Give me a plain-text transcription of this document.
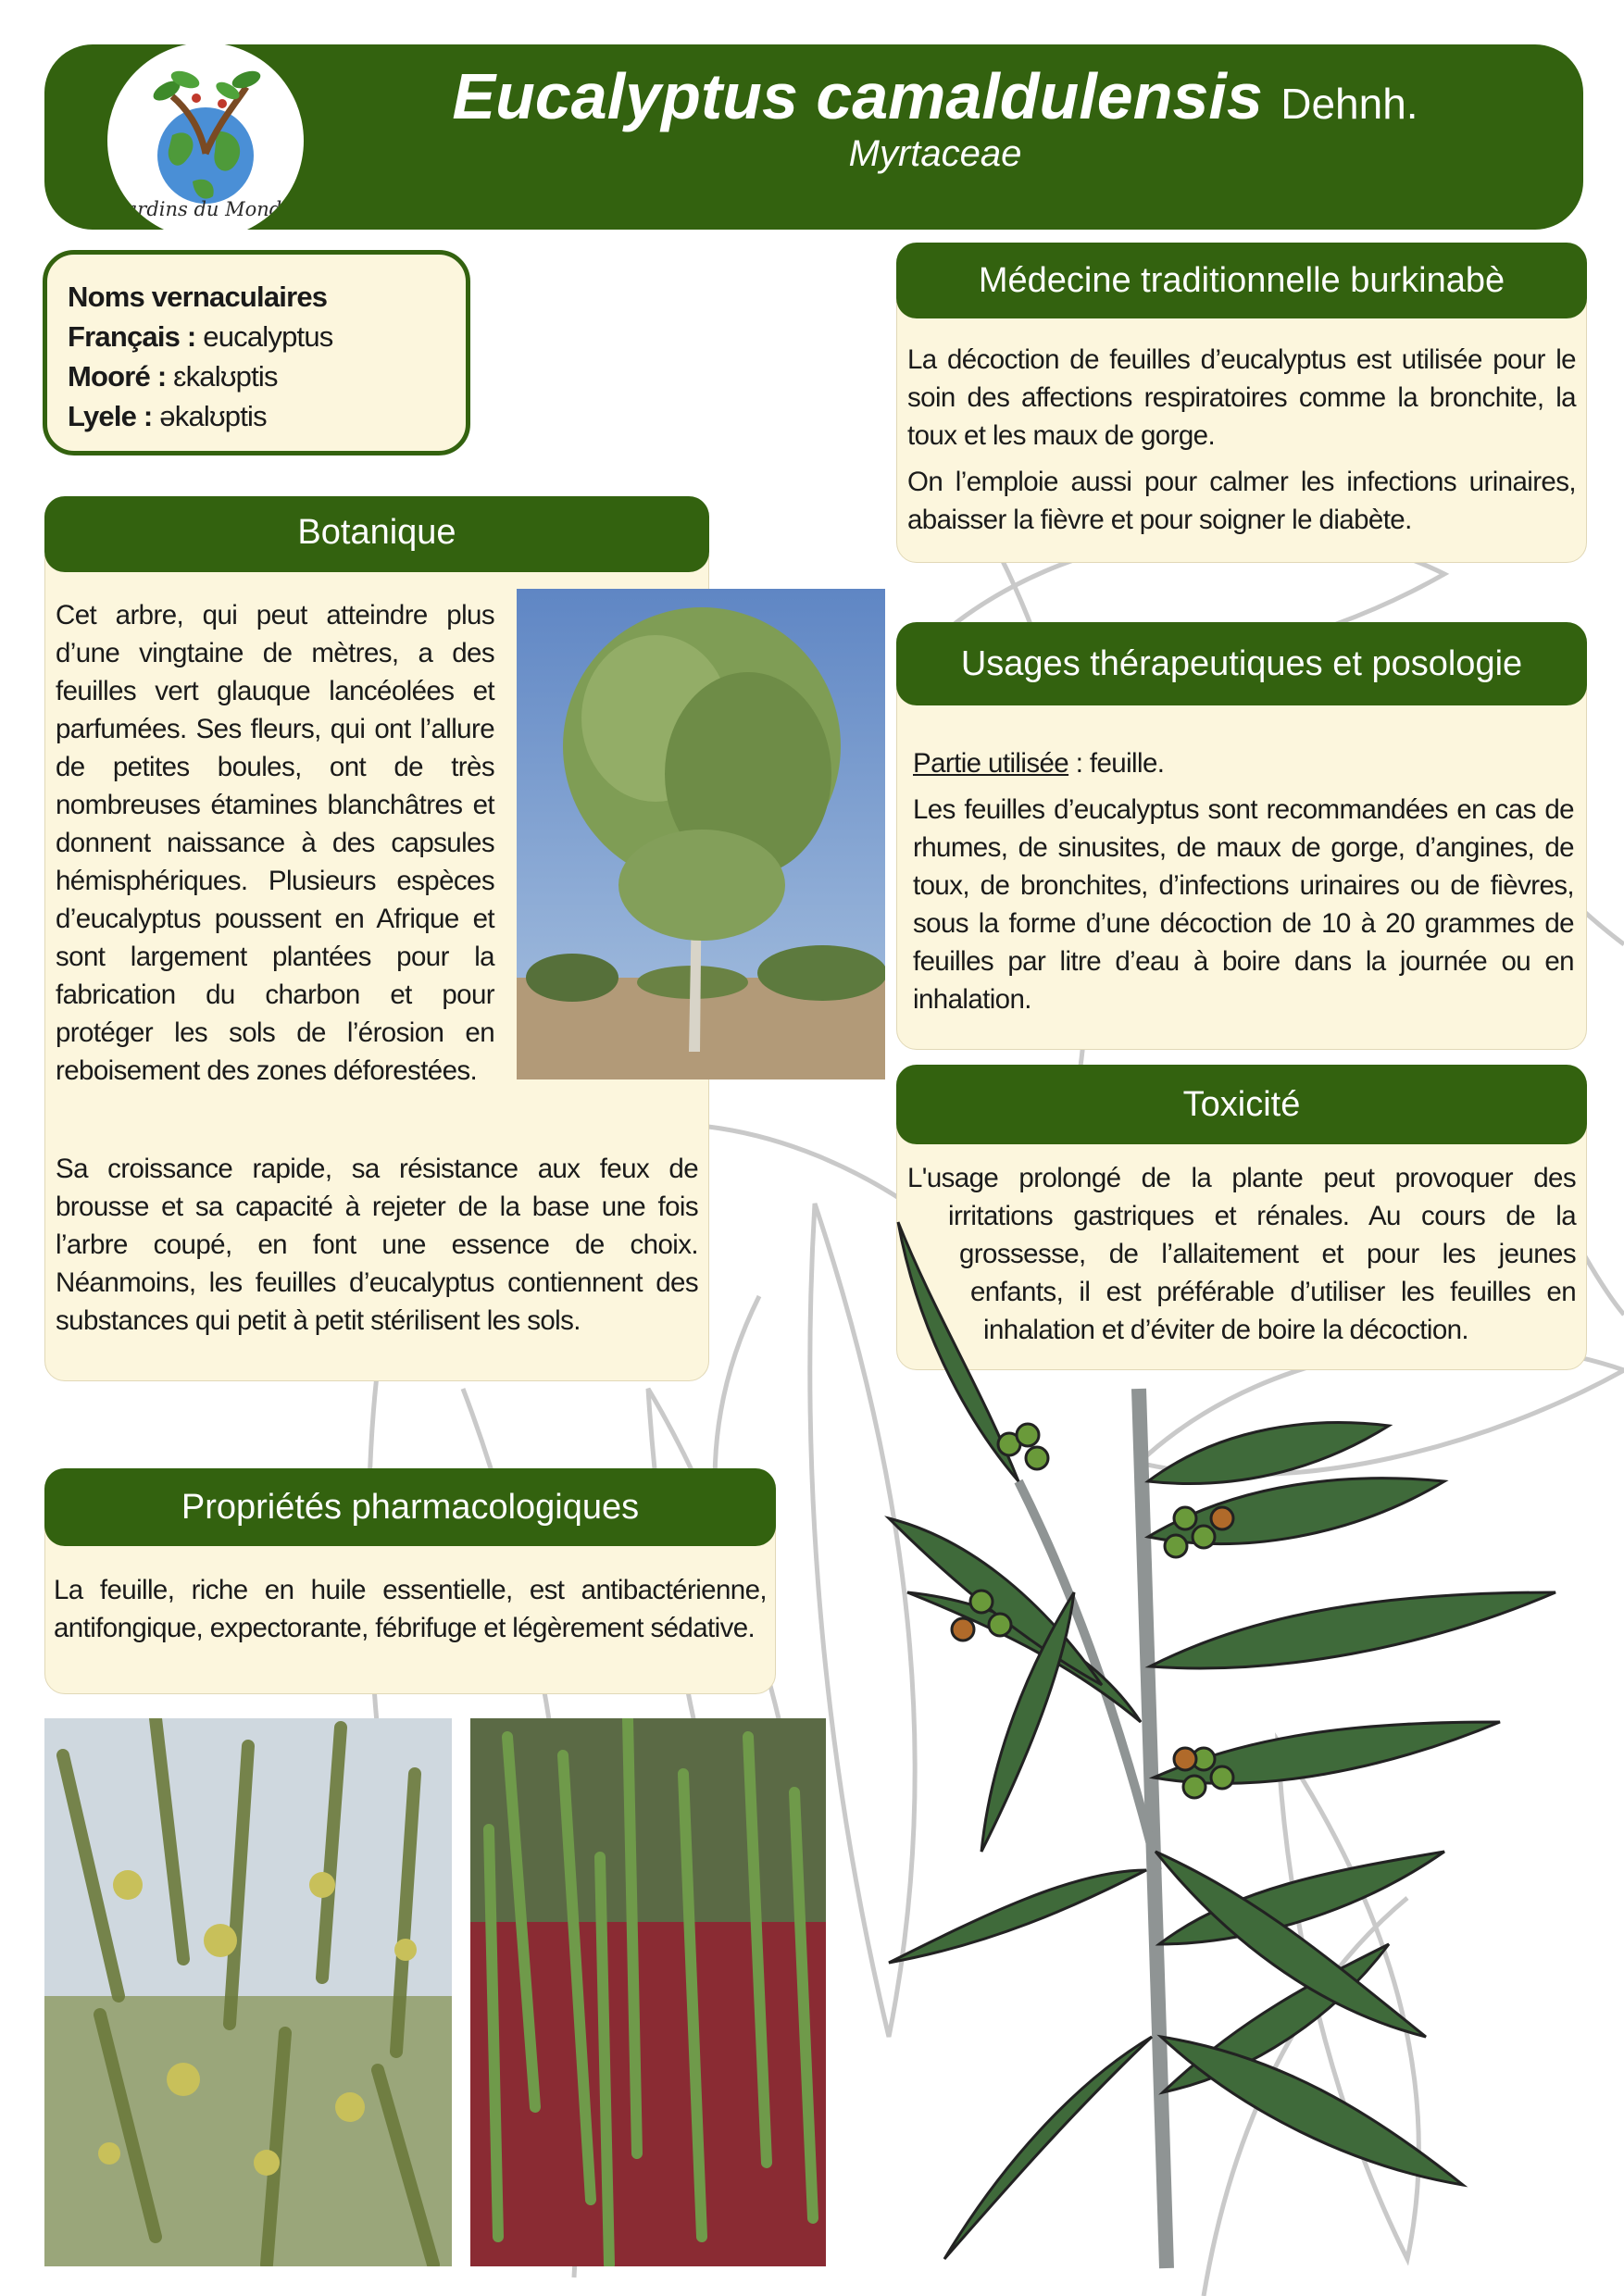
Jardins du Monde
Eucalyptus camaldulensis Dehnh.
Myrtaceae
Noms vernaculaires
Français : eucalyptus
Mooré : ɛkalʊptis
Lyele : əkalʊptis
Botanique
Cet arbre, qui peut atteindre plus d’une vingtaine de mètres, a des feuilles vert glauque lancéolées et parfumées. Ses fleurs, qui ont l’allure de petites boules, ont de très nombreuses étamines blanchâtres et donnent naissance à des capsules hémisphériques. Plusieurs espèces d’eucalyptus poussent en Afrique et sont largement plantées pour la fabrication du charbon et pour protéger les sols de l’érosion en reboisement des zones déforestées.
Sa croissance rapide, sa résistance aux feux de brousse et sa capacité à rejeter de la base une fois l’arbre coupé, en font une essence de choix. Néanmoins, les feuilles d’eucalyptus contiennent des substances qui petit à petit stérilisent les sols.
Médecine traditionnelle burkinabè

La décoction de feuilles d’eucalyptus est utilisée pour le soin des affections respiratoires comme la bronchite, la toux et les maux de gorge.

On l’emploie aussi pour calmer les infections urinaires, abaisser la fièvre et pour soigner le diabète.

Usages thérapeutiques et posologie

Partie utilisée : feuille.

Les feuilles d’eucalyptus sont recommandées en cas de rhumes, de sinusites, de maux de gorge, d’angines, de toux, de bronchites, d’infections urinaires ou de fièvres, sous la forme d’une décoction de 10 à 20 grammes de feuilles par litre d’eau à boire dans la journée ou en inhalation.

Toxicité
L'usage prolongé de la plante peut provoquer des
irritations gastriques et rénales. Au cours de la
grossesse, de l’allaitement et pour les jeunes
enfants, il est préférable d’utiliser les feuilles en
inhalation et d’éviter de boire la décoction.
Propriétés pharmacologiques
La feuille, riche en huile essentielle, est antibactérienne, antifongique, expectorante, fébrifuge et légèrement sédative.
